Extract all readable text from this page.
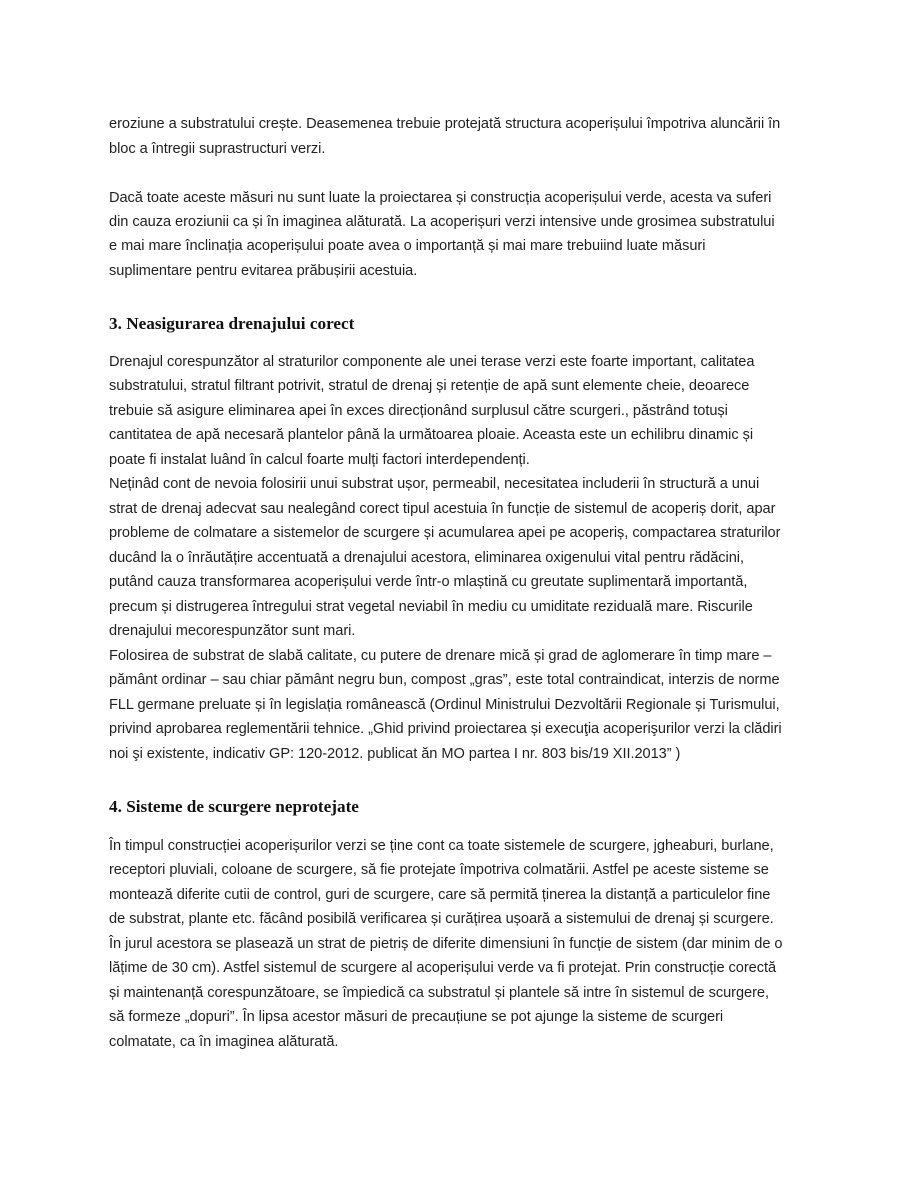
eroziune a substratului crește. Deasemenea trebuie protejată structura acoperișului împotriva aluncării în
bloc a întregii suprastructuri verzi.
Dacă toate aceste măsuri nu sunt luate la proiectarea și construcția acoperișului verde, acesta va suferi
din cauza eroziunii ca și în imaginea alăturată. La acoperișuri verzi intensive unde grosimea substratului
e mai mare înclinația acoperișului poate avea o importanță și mai mare trebuiind luate măsuri
suplimentare pentru evitarea prăbușirii acestuia.
3. Neasigurarea drenajului corect
Drenajul corespunzător al straturilor componente ale unei terase verzi este foarte important, calitatea
substratului, stratul filtrant potrivit, stratul de drenaj și retenție de apă sunt elemente cheie, deoarece
trebuie să asigure eliminarea apei în exces direcționând surplusul către scurgeri., păstrând totuși
cantitatea de apă necesară plantelor până la următoarea ploaie. Aceasta este un echilibru dinamic și
poate fi instalat luând în calcul foarte mulți factori interdependenți.
Neținâd cont de nevoia folosirii unui substrat ușor, permeabil, necesitatea includerii în structură a unui
strat de drenaj adecvat sau nealegând corect tipul acestuia în funcție de sistemul de acoperiș dorit, apar
probleme de colmatare a sistemelor de scurgere și acumularea apei pe acoperiș, compactarea straturilor
ducând la o înrăutățire accentuată a drenajului acestora, eliminarea oxigenului vital pentru rădăcini,
putând cauza transformarea acoperișului verde într-o mlaștină cu greutate suplimentară importantă,
precum și distrugerea întregului strat vegetal neviabil în mediu cu umiditate reziduală mare. Riscurile
drenajului mecorespunzător sunt mari.
Folosirea de substrat de slabă calitate, cu putere de drenare mică și grad de aglomerare în timp mare –
pământ ordinar – sau chiar pământ negru bun, compost „gras”, este total contraindicat, interzis de norme
FLL germane preluate și în legislația românească (Ordinul Ministrului Dezvoltării Regionale și Turismului,
privind aprobarea reglementării tehnice. „Ghid privind proiectarea și execuţia acoperişurilor verzi la clădiri
noi şi existente, indicativ GP: 120-2012. publicat ăn MO partea I nr. 803 bis/19 XII.2013” )
4. Sisteme de scurgere neprotejate
În timpul construcției acoperișurilor verzi se ține cont ca toate sistemele de scurgere, jgheaburi, burlane,
receptori pluviali, coloane de scurgere, să fie protejate împotriva colmatării. Astfel pe aceste sisteme se
montează diferite cutii de control, guri de scurgere, care să permită ținerea la distanță a particulelor fine
de substrat, plante etc. făcând posibilă verificarea și curățirea ușoară a sistemului de drenaj și scurgere.
În jurul acestora se plasează un strat de pietriș de diferite dimensiuni în funcție de sistem (dar minim de o
lățime de 30 cm). Astfel sistemul de scurgere al acoperișului verde va fi protejat. Prin construcție corectă
și maintenanță corespunzătoare, se împiedică ca substratul și plantele să intre în sistemul de scurgere,
să formeze „dopuri”. În lipsa acestor măsuri de precauțiune se pot ajunge la sisteme de scurgeri
colmatate, ca în imaginea alăturată.
